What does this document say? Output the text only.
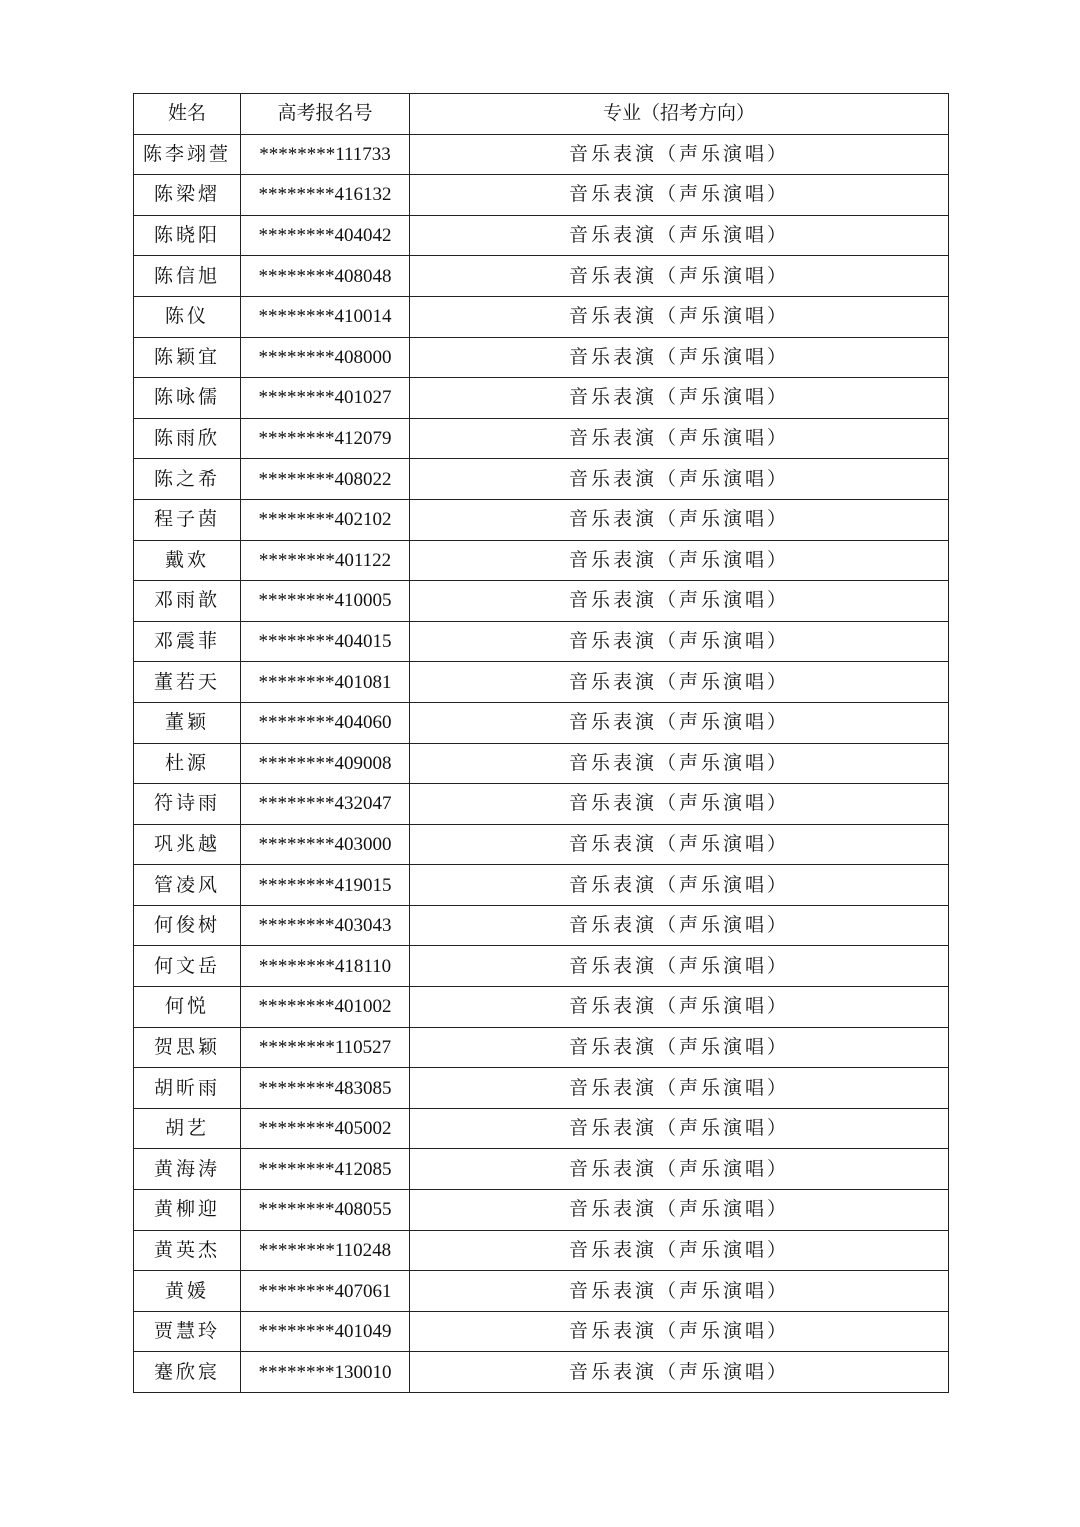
姓名	高考报名号	专业（招考方向）
陈李翊萱	********111733	音乐表演（声乐演唱）
陈梁熠	********416132	音乐表演（声乐演唱）
陈晓阳	********404042	音乐表演（声乐演唱）
陈信旭	********408048	音乐表演（声乐演唱）
陈仪	********410014	音乐表演（声乐演唱）
陈颖宜	********408000	音乐表演（声乐演唱）
陈咏儒	********401027	音乐表演（声乐演唱）
陈雨欣	********412079	音乐表演（声乐演唱）
陈之希	********408022	音乐表演（声乐演唱）
程子茵	********402102	音乐表演（声乐演唱）
戴欢	********401122	音乐表演（声乐演唱）
邓雨歆	********410005	音乐表演（声乐演唱）
邓震菲	********404015	音乐表演（声乐演唱）
董若天	********401081	音乐表演（声乐演唱）
董颖	********404060	音乐表演（声乐演唱）
杜源	********409008	音乐表演（声乐演唱）
符诗雨	********432047	音乐表演（声乐演唱）
巩兆越	********403000	音乐表演（声乐演唱）
管凌风	********419015	音乐表演（声乐演唱）
何俊树	********403043	音乐表演（声乐演唱）
何文岳	********418110	音乐表演（声乐演唱）
何悦	********401002	音乐表演（声乐演唱）
贺思颖	********110527	音乐表演（声乐演唱）
胡昕雨	********483085	音乐表演（声乐演唱）
胡艺	********405002	音乐表演（声乐演唱）
黄海涛	********412085	音乐表演（声乐演唱）
黄柳迎	********408055	音乐表演（声乐演唱）
黄英杰	********110248	音乐表演（声乐演唱）
黄媛	********407061	音乐表演（声乐演唱）
贾慧玲	********401049	音乐表演（声乐演唱）
蹇欣宸	********130010	音乐表演（声乐演唱）
